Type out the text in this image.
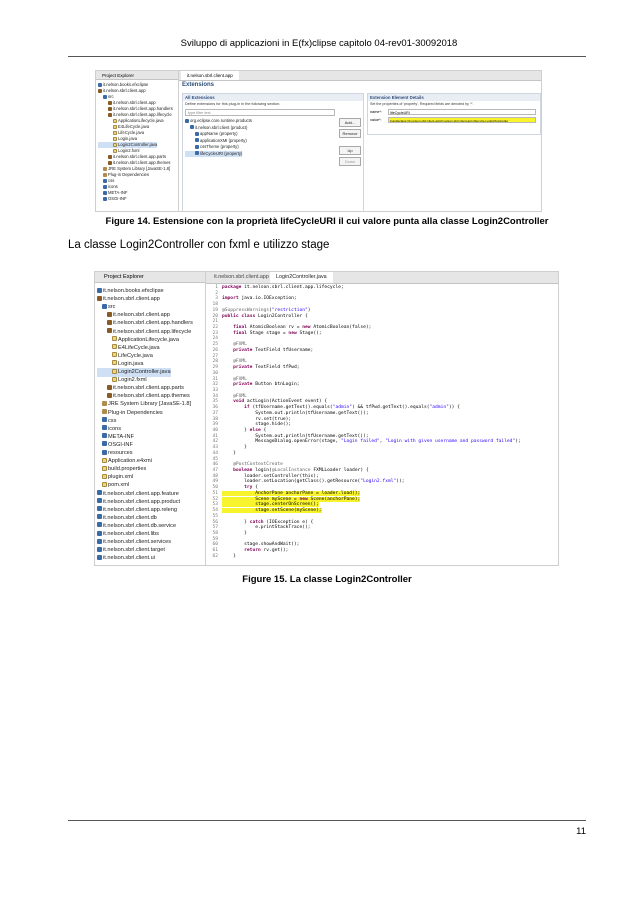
Sviluppo di applicazioni in E(fx)clipse capitolo 04-rev01-30092018
Project Explorer
it.nelson.books.efxclipse
it.nelson.sbrl.client.app
src
it.nelson.sbrl.client.app
it.nelson.sbrl.client.app.handlers
it.nelson.sbrl.client.app.lifecycle
ApplicationLifecycle.java
E4LifeCycle.java
LifeCycle.java
Login.java
Login2Controller.java
Login2.fxml
it.nelson.sbrl.client.app.parts
it.nelson.sbrl.client.app.themes
JRE System Library [JavaSE-1.8]
Plug-in Dependencies
css
icons
META-INF
OSGI-INF
it.nelson.sbrl.client.app
Extensions
All Extensions
Define extensions for this plug-in in the following section.
type filter text
org.eclipse.core.runtime.products
it.nelson.sbrl.client (product)
appName (property)
applicationXMI (property)
cssTheme (property)
lifeCycleURI (property)
Add...
Remove
Up
Down
Extension Element Details
Set the properties of 'property'. Required fields are denoted by '*'.
name*:	lifeCycleURI
value*:	bundleclass://it.nelson.sbrl.client.app/it.nelson.sbrl.client.app.lifecycle.Login2Controller
Figure 14. Estensione con la proprietà lifeCycleURI il cui valore punta alla classe Login2Controller
La classe Login2Controller con fxml e utilizzo stage
Project Explorer
it.nelson.books.efxclipse
it.nelson.sbrl.client.app
src
it.nelson.sbrl.client.app
it.nelson.sbrl.client.app.handlers
it.nelson.sbrl.client.app.lifecycle
ApplicationLifecycle.java
E4LifeCycle.java
LifeCycle.java
Login.java
Login2Controller.java
Login2.fxml
it.nelson.sbrl.client.app.parts
it.nelson.sbrl.client.app.themes
JRE System Library [JavaSE-1.8]
Plug-in Dependencies
css
icons
META-INF
OSGI-INF
resources
Application.e4xmi
build.properties
plugin.xml
pom.xml
it.nelson.sbrl.client.app.feature
it.nelson.sbrl.client.app.product
it.nelson.sbrl.client.app.releng
it.nelson.sbrl.client.db
it.nelson.sbrl.client.db.service
it.nelson.sbrl.client.libs
it.nelson.sbrl.client.services
it.nelson.sbrl.client.target
it.nelson.sbrl.client.ui
it.nelson.sbrl.client.app	Login2Controller.java
1 package it.nelson.sbrl.client.app.lifecycle;
2
3 import java.io.IOException;
18
19 @SuppressWarnings("restriction")
20 public class Login2Controller {
21
22	final AtomicBoolean rv = new AtomicBoolean(false);
23	final Stage stage = new Stage();
24
25	@FXML
26	private TextField tfUsername;
27
28	@FXML
29	private TextField tfPwd;
30
31	@FXML
32	private Button btnLogin;
33
34	@FXML
35	void actLogin(ActionEvent event) {
36	if (tfUsername.getText().equals("admin") && tfPwd.getText().equals("admin")) {
37            System.out.println(tfUsername.getText());
38            rv.set(true);
39            stage.hide();
40        } else {
41            System.out.println(tfUsername.getText());
42            MessageDialog.openError(stage, "Login failed", "Login with given username and password failed");
43        }
44    }
45
46	@PostContextCreate
47	boolean login(@LocalInstance FXMLLoader loader) {
48        loader.setController(this);
49        loader.setLocation(getClass().getResource("Login2.fxml"));
50	try {
51            AnchorPane anchorPane = loader.load();
52            Scene myScene = new Scene(anchorPane);
53            stage.centerOnScreen();
54            stage.setScene(myScene);
55
56        } catch (IOException e) {
57            e.printStackTrace();
58        }
59
60        stage.showAndWait();
61	return rv.get();
62    }
Figure 15. La classe Login2Controller
11
